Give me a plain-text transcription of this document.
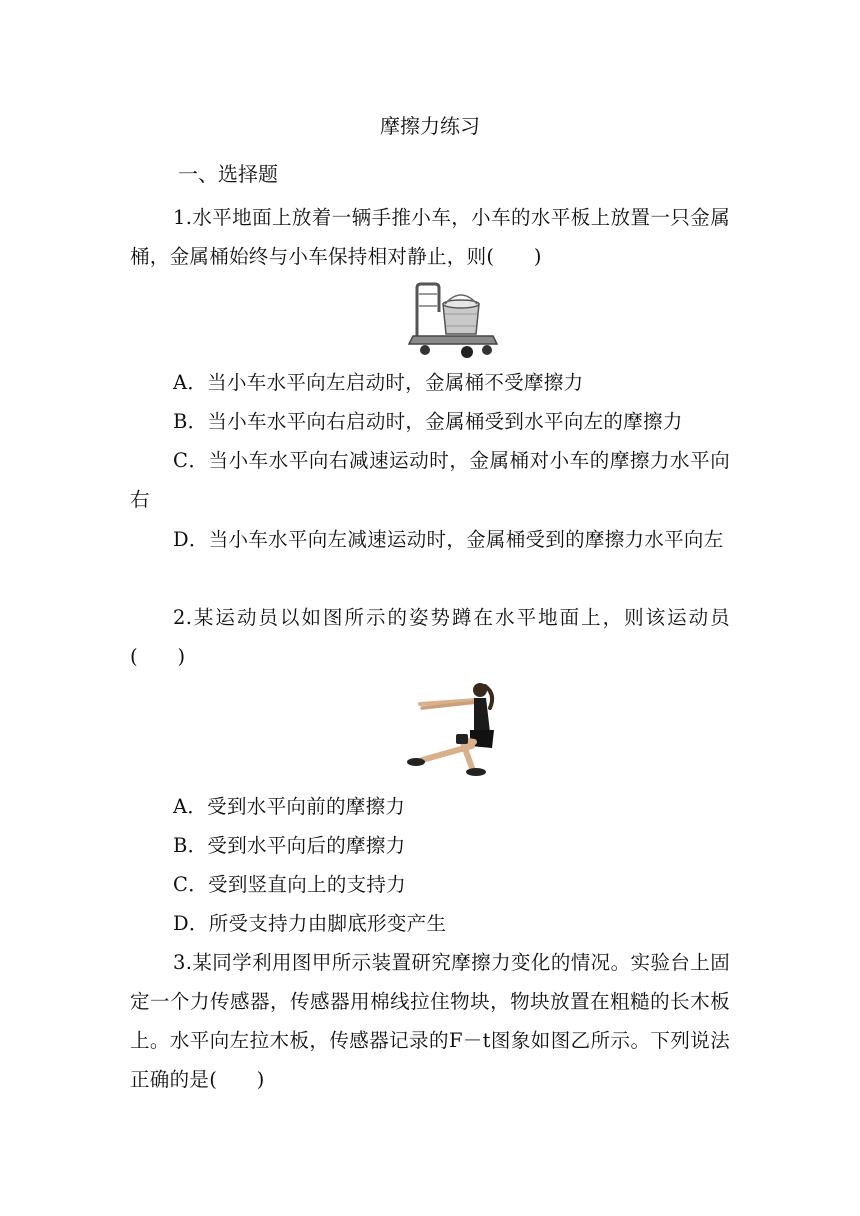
摩擦力练习
一、选择题
1.水平地面上放着一辆手推小车，小车的水平板上放置一只金属桶，金属桶始终与小车保持相对静止，则(　　)
A．当小车水平向左启动时，金属桶不受摩擦力
B．当小车水平向右启动时，金属桶受到水平向左的摩擦力
C．当小车水平向右减速运动时，金属桶对小车的摩擦力水平向右
D．当小车水平向左减速运动时，金属桶受到的摩擦力水平向左
2.某运动员以如图所示的姿势蹲在水平地面上，则该运动员(　　)
A．受到水平向前的摩擦力
B．受到水平向后的摩擦力
C．受到竖直向上的支持力
D．所受支持力由脚底形变产生
3.某同学利用图甲所示装置研究摩擦力变化的情况。实验台上固定一个力传感器，传感器用棉线拉住物块，物块放置在粗糙的长木板上。水平向左拉木板，传感器记录的F－t图象如图乙所示。下列说法正确的是(　　)
